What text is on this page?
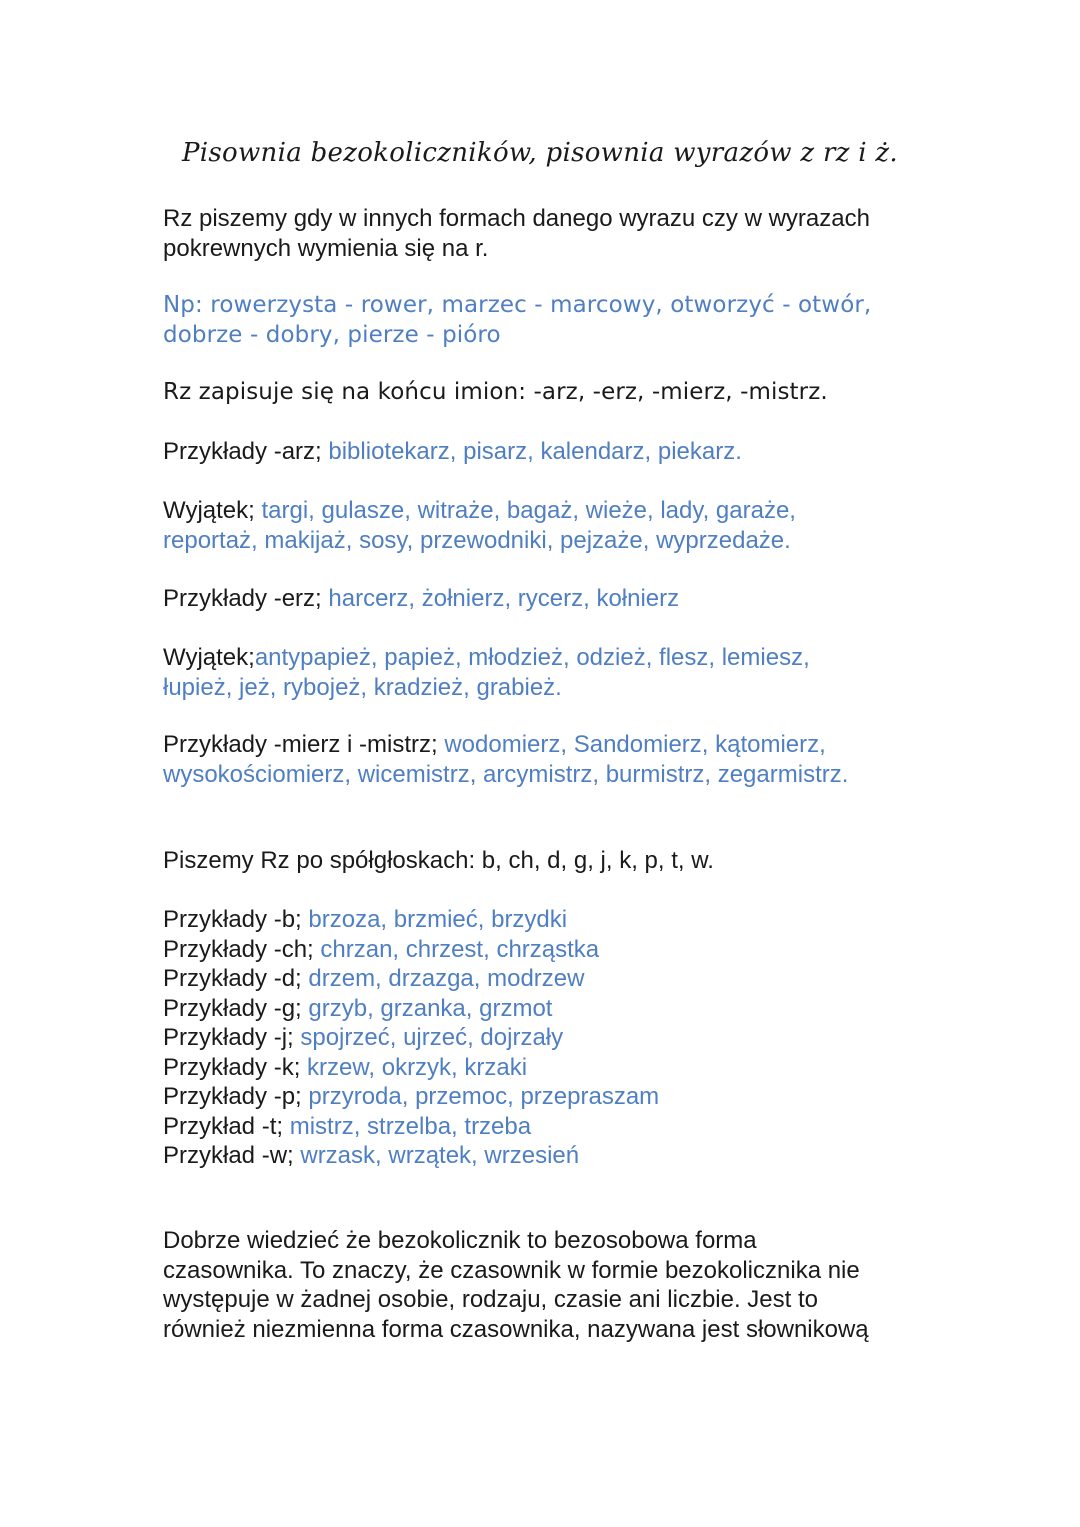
Pisownia bezokoliczników, pisownia wyrazów z rz i ż.

Rz piszemy gdy w innych formach danego wyrazu czy w wyrazach
pokrewnych wymienia się na r.

Np: rowerzysta - rower, marzec - marcowy, otworzyć - otwór,
dobrze - dobry, pierze - pióro

Rz zapisuje się na końcu imion: -arz, -erz, -mierz, -mistrz.

Przykłady -arz; bibliotekarz, pisarz, kalendarz, piekarz.

Wyjątek; targi, gulasze, witraże, bagaż, wieże, lady, garaże,
reportaż, makijaż, sosy, przewodniki, pejzaże, wyprzedaże.

Przykłady -erz; harcerz, żołnierz, rycerz, kołnierz

Wyjątek;antypapież, papież, młodzież, odzież, flesz, lemiesz,
łupież, jeż, rybojeż, kradzież, grabież.

Przykłady -mierz i -mistrz; wodomierz, Sandomierz, kątomierz,
wysokościomierz, wicemistrz, arcymistrz, burmistrz, zegarmistrz.

Piszemy Rz po spółgłoskach: b, ch, d, g, j, k, p, t, w.

Przykłady -b; brzoza, brzmieć, brzydki
Przykłady -ch; chrzan, chrzest, chrząstka
Przykłady -d; drzem, drzazga, modrzew
Przykłady -g; grzyb, grzanka, grzmot
Przykłady -j; spojrzeć, ujrzeć, dojrzały
Przykłady -k; krzew, okrzyk, krzaki
Przykłady -p; przyroda, przemoc, przepraszam
Przykład -t; mistrz, strzelba, trzeba
Przykład -w; wrzask, wrzątek, wrzesień

Dobrze wiedzieć że bezokolicznik to bezosobowa forma
czasownika. To znaczy, że czasownik w formie bezokolicznika nie
występuje w żadnej osobie, rodzaju, czasie ani liczbie. Jest to
również niezmienna forma czasownika, nazywana jest słownikową
